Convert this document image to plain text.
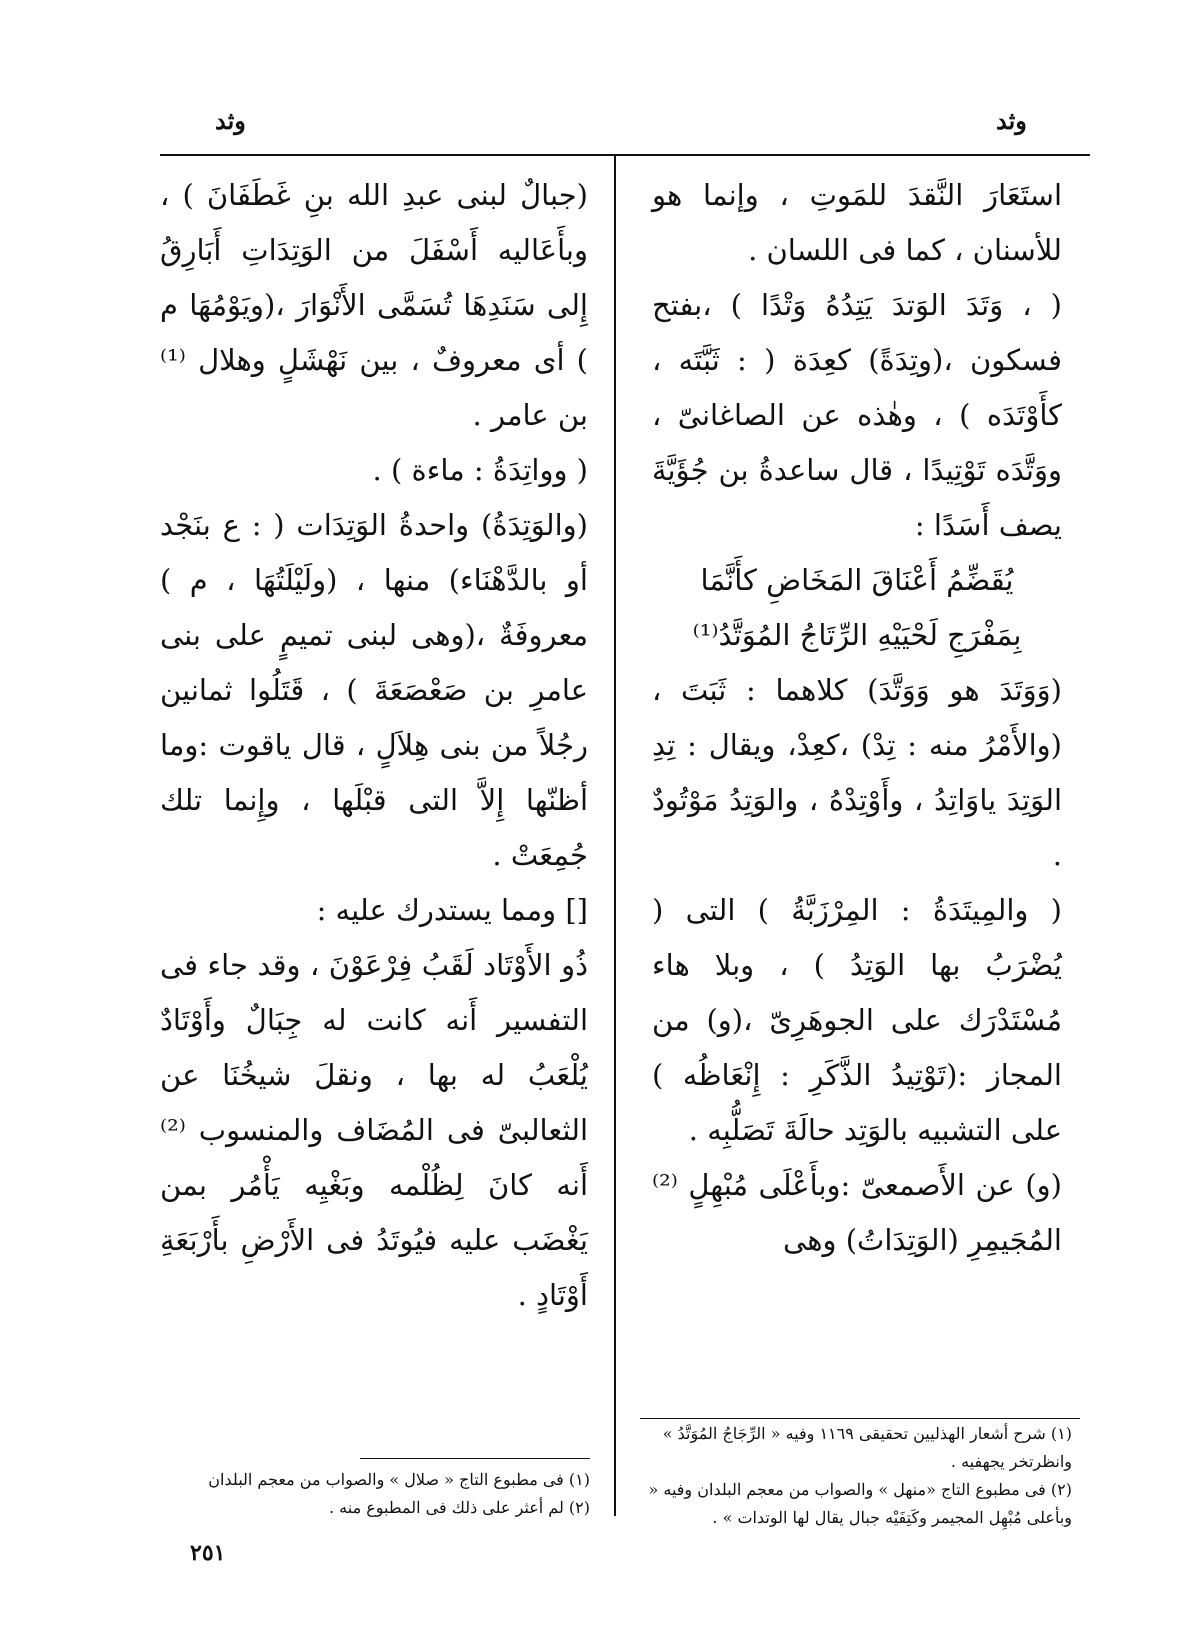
وثد
وثد

استَعَارَ النَّقدَ للمَوتِ ، وإنما هو للأسنان ، كما فى اللسان .

( ، وَتَدَ الوَتدَ يَتِدُهُ وَتْدًا ) ،بفتح فسكون ،(وتِدَةً) كعِدَة ( : ثَبَّتَه ، كأَوْتَدَه ) ، وهٰذه عن الصاغانىّ ، ووَتَّدَه تَوْتِيدًا ، قال ساعدةُ بن جُؤَيَّةَ يصف أَسَدًا :

يُقَضِّمُ أَعْنَاقَ المَخَاضِ كأَنَّمَا

بِمَفْرَجِ لَحْيَيْهِ الرِّتَاجُ المُوَتَّدُ⁽¹⁾

(وَوَتَدَ هو وَوَتَّدَ) كلاهما : ثَبَتَ ، (والأَمْرُ منه : تِدْ) ،كعِدْ، ويقال : تِدِ الوَتِدَ ياوَاتِدُ ، وأَوْتِدْهُ ، والوَتِدُ مَوْتُودٌ .

( والمِيتَدَةُ : المِرْزَبَّةُ ) التى ( يُضْرَبُ بها الوَتِدُ ) ، وبلا هاء مُسْتَدْرَك على الجوهَرِىّ ،(و) من المجاز :(تَوْتِيدُ الذَّكَرِ : إِنْعَاظُه ) على التشبيه بالوَتِد حالَةَ تَصَلُّبِه .

(و) عن الأَصمعىّ :وبأَعْلَى مُبْهِلٍ ⁽²⁾ المُجَيمِرِ (الوَتِدَاتُ) وهى

(جبالٌ لبنى عبدِ الله بنِ غَطَفَانَ ) ، وبأَعَاليه أَسْفَلَ من الوَتِدَاتِ أَبَارِقُ إِلى سَنَدِهَا تُسَمَّى الأَنْوَارَ ،(ويَوْمُهَا م ) أى معروفٌ ، بين نَهْشَلٍ وهلال ⁽¹⁾ بن عامر .

( وواتِدَةُ : ماءة ) .

(والوَتِدَةُ) واحدةُ الوَتِدَات ( : ع بنَجْد أو بالدَّهْنَاء) منها ، (ولَيْلَتُهَا ، م ) معروفَةٌ ،(وهى لبنى تميمٍ على بنى عامرِ بن صَعْصَعَةَ ) ، قَتَلُوا ثمانين رجُلاً من بنى هِلاَلٍ ، قال ياقوت :وما أظنّها إِلاَّ التى قبْلَها ، وإِنما تلك جُمِعَتْ .

[] ومما يستدرك عليه :

ذُو الأَوْتَاد لَقَبُ فِرْعَوْنَ ، وقد جاء فى التفسير أَنه كانت له جِبَالٌ وأَوْتَادٌ يُلْعَبُ له بها ، ونقلَ شيخُنَا عن الثعالبىّ فى المُضَاف والمنسوب ⁽²⁾ أَنه كانَ لِظُلْمه وبَغْيِه يَأْمُر بمن يَغْضَب عليه فيُوتَدُ فى الأَرْضِ بأَرْبَعَةِ أَوْتَادٍ .

(١) شرح أشعار الهذليين تحقيقى ١١٦٩ وفيه « الرِّجَاجُ المُوَتَّدُ » وانظرتخر يجهفيه .

(٢) فى مطبوع التاج «منهل » والصواب من معجم البلدان وفيه « وبأعلى مُبْهِل المجيمر وكَتِفَيْه جبال يقال لها الوتدات » .

(١) فى مطبوع التاج « صلال » والصواب من معجم البلدان

(٢) لم أعثر على ذلك فى المطبوع منه .

٢٥١
